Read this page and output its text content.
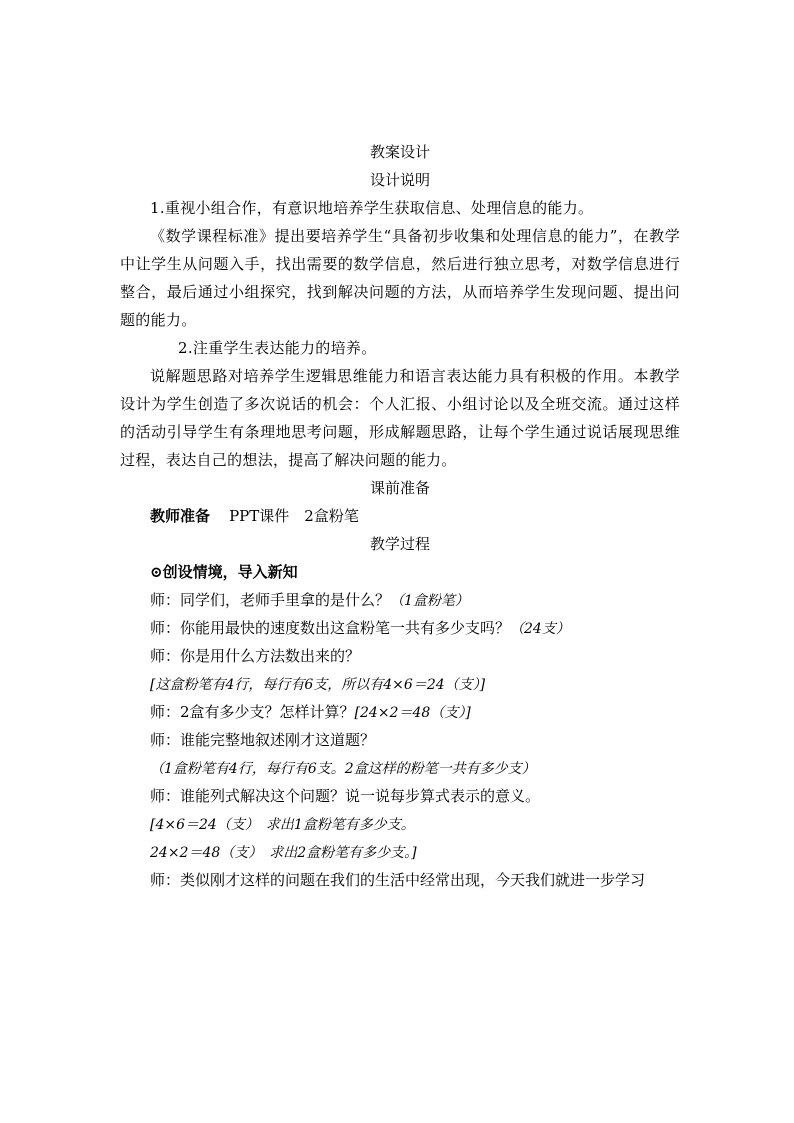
教案设计
设计说明

1.重视小组合作，有意识地培养学生获取信息、处理信息的能力。

《数学课程标准》提出要培养学生“具备初步收集和处理信息的能力”，在教学中让学生从问题入手，找出需要的数学信息，然后进行独立思考，对数学信息进行整合，最后通过小组探究，找到解决问题的方法，从而培养学生发现问题、提出问题的能力。

2.注重学生表达能力的培养。

说解题思路对培养学生逻辑思维能力和语言表达能力具有积极的作用。本教学设计为学生创造了多次说话的机会：个人汇报、小组讨论以及全班交流。通过这样的活动引导学生有条理地思考问题，形成解题思路，让每个学生通过说话展现思维过程，表达自己的想法，提高了解决问题的能力。

课前准备
教师准备 PPT课件　2盒粉笔
教学过程
⊙创设情境，导入新知
师：同学们，老师手里拿的是什么？（1盒粉笔）
师：你能用最快的速度数出这盒粉笔一共有多少支吗？（24支）
师：你是用什么方法数出来的？
[这盒粉笔有4行，每行有6支，所以有4×6＝24（支）]
师：2盒有多少支？怎样计算？[24×2＝48（支）]
师：谁能完整地叙述刚才这道题？
（1盒粉笔有4行，每行有6支。2盒这样的粉笔一共有多少支）
师：谁能列式解决这个问题？说一说每步算式表示的意义。
[4×6＝24（支）　求出1盒粉笔有多少支。
24×2＝48（支）　求出2盒粉笔有多少支。]
师：类似刚才这样的问题在我们的生活中经常出现，今天我们就进一步学习
